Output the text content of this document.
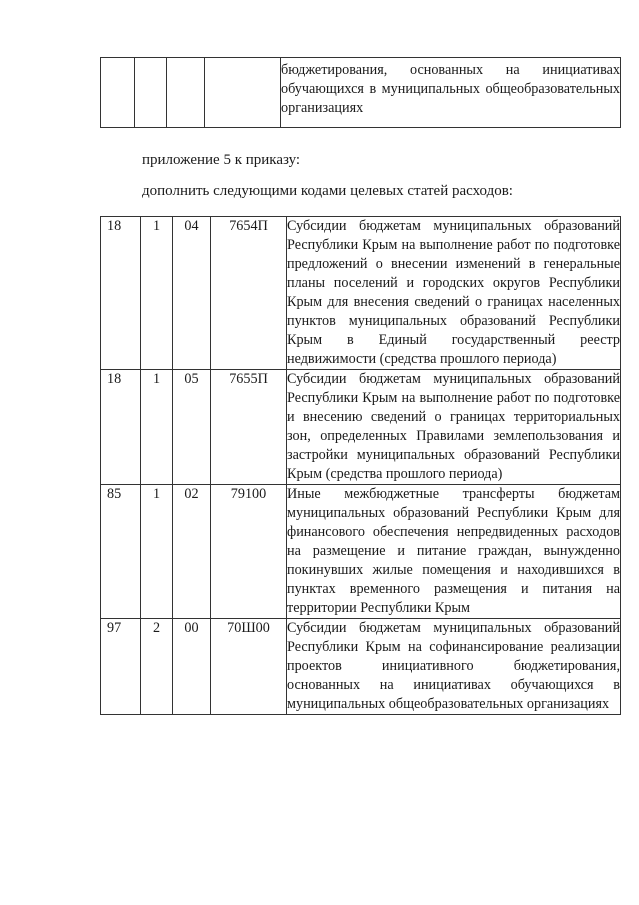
				бюджетирования, основанных на инициативах обучающихся в муниципальных общеобразовательных организациях
приложение 5 к приказу:
дополнить следующими кодами целевых статей расходов:
18	1	04	7654П	Субсидии бюджетам муниципальных образований Республики Крым на выполнение работ по подготовке предложений о внесении изменений в генеральные планы поселений и городских округов Республики Крым для внесения сведений о границах населенных пунктов муниципальных образований Республики Крым в Единый государственный реестр недвижимости (средства прошлого периода)
18	1	05	7655П	Субсидии бюджетам муниципальных образований Республики Крым на выполнение работ по подготовке и внесению сведений о границах территориальных зон, определенных Правилами землепользования и застройки муниципальных образований Республики Крым (средства прошлого периода)
85	1	02	79100	Иные межбюджетные трансферты бюджетам муниципальных образований Республики Крым для финансового обеспечения непредвиденных расходов на размещение и питание граждан, вынужденно покинувших жилые помещения и находившихся в пунктах временного размещения и питания на территории Республики Крым
97	2	00	70Ш00	Субсидии бюджетам муниципальных образований Республики Крым на софинансирование реализации проектов инициативного бюджетирования, основанных на инициативах обучающихся в муниципальных общеобразовательных организациях
